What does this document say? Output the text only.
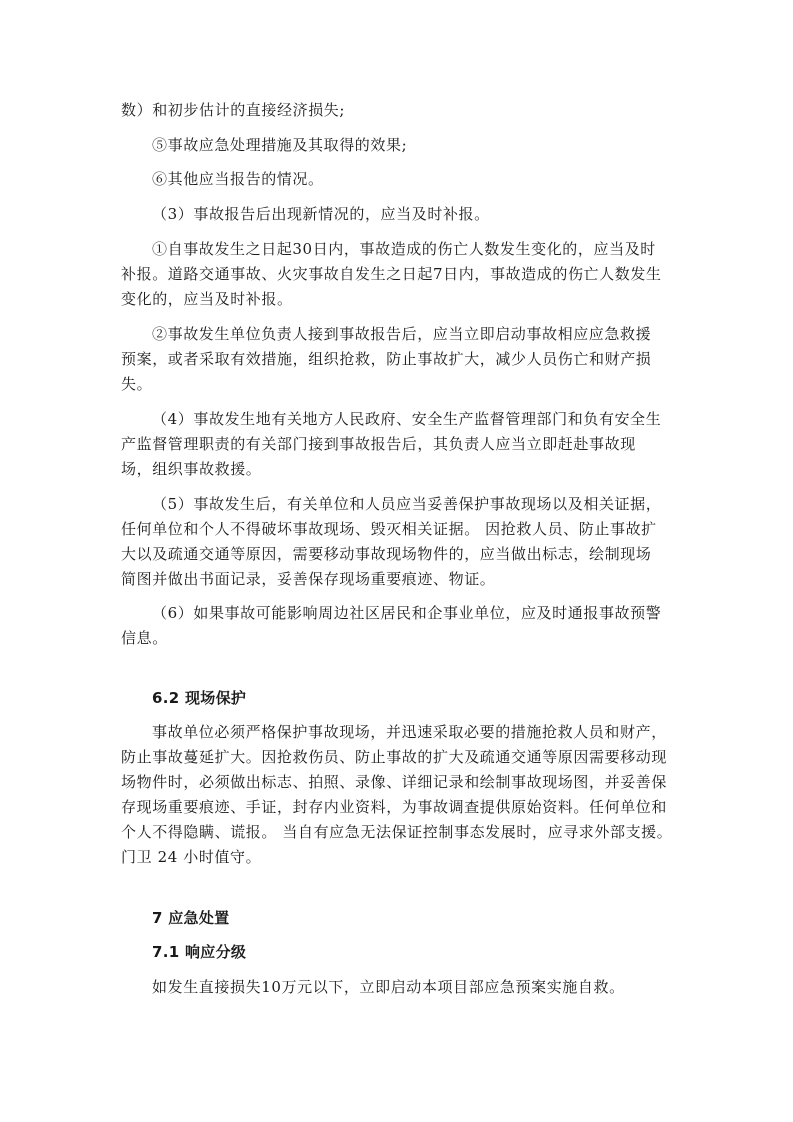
数）和初步估计的直接经济损失;
⑤事故应急处理措施及其取得的效果;
⑥其他应当报告的情况。
（3）事故报告后出现新情况的，应当及时补报。
①自事故发生之日起30日内，事故造成的伤亡人数发生变化的，应当及时
补报。道路交通事故、火灾事故自发生之日起7日内，事故造成的伤亡人数发生
变化的，应当及时补报。
②事故发生单位负责人接到事故报告后，应当立即启动事故相应应急救援
预案，或者采取有效措施，组织抢救，防止事故扩大，减少人员伤亡和财产损
失。
（4）事故发生地有关地方人民政府、安全生产监督管理部门和负有安全生
产监督管理职责的有关部门接到事故报告后，其负责人应当立即赶赴事故现
场，组织事故救援。
（5）事故发生后，有关单位和人员应当妥善保护事故现场以及相关证据，
任何单位和个人不得破坏事故现场、毁灭相关证据。 因抢救人员、防止事故扩
大以及疏通交通等原因，需要移动事故现场物件的，应当做出标志，绘制现场
简图并做出书面记录，妥善保存现场重要痕迹、物证。
（6）如果事故可能影响周边社区居民和企事业单位，应及时通报事故预警
信息。
6.2 现场保护
事故单位必须严格保护事故现场，并迅速采取必要的措施抢救人员和财产，
防止事故蔓延扩大。因抢救伤员、防止事故的扩大及疏通交通等原因需要移动现
场物件时，必须做出标志、拍照、录像、详细记录和绘制事故现场图，并妥善保
存现场重要痕迹、手证，封存内业资料，为事故调查提供原始资料。任何单位和
个人不得隐瞒、谎报。 当自有应急无法保证控制事态发展时，应寻求外部支援。
门卫 24 小时值守。
7 应急处置
7.1 响应分级
如发生直接损失10万元以下，立即启动本项目部应急预案实施自救。
